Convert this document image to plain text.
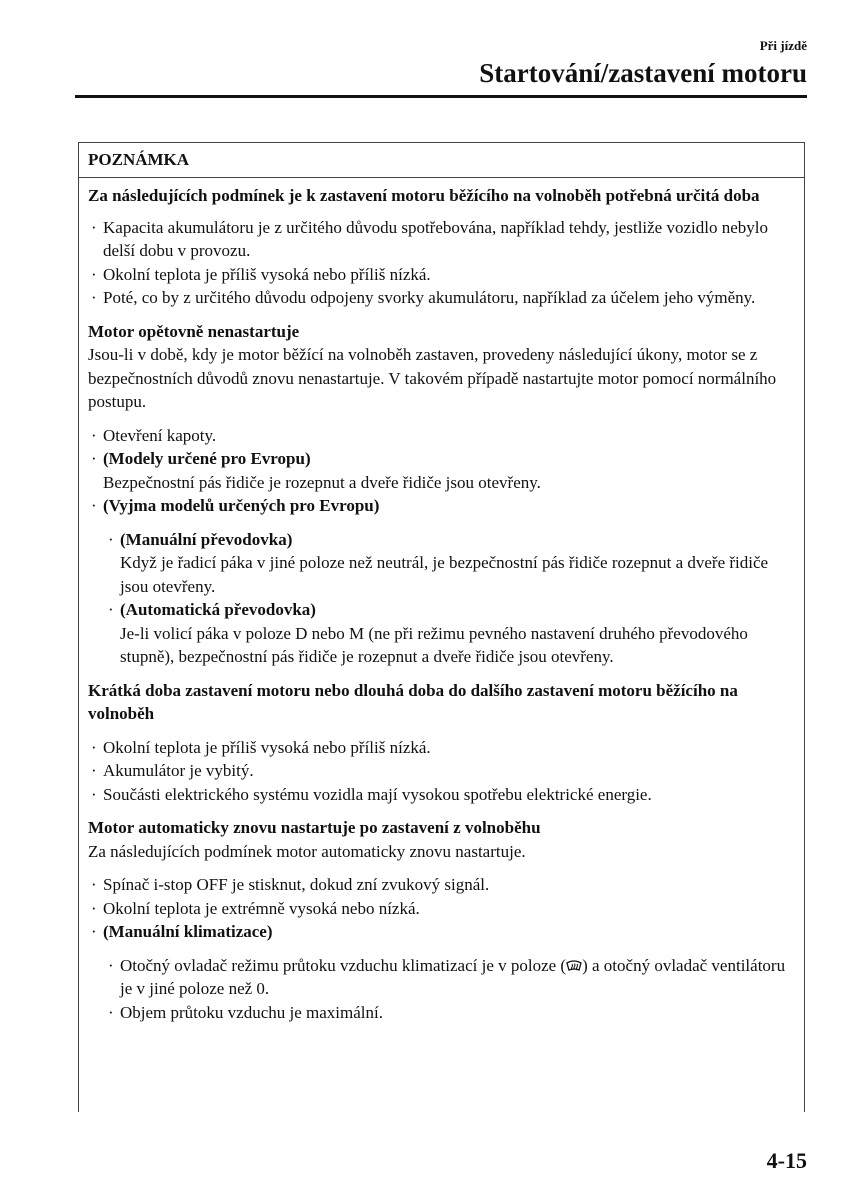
Při jízdě
Startování/zastavení motoru
POZNÁMKA
Za následujících podmínek je k zastavení motoru běžícího na volnoběh potřebná určitá doba
· Kapacita akumulátoru je z určitého důvodu spotřebována, například tehdy, jestliže vozidlo nebylo delší dobu v provozu.
· Okolní teplota je příliš vysoká nebo příliš nízká.
· Poté, co by z určitého důvodu odpojeny svorky akumulátoru, například za účelem jeho výměny.
Motor opětovně nenastartuje
Jsou-li v době, kdy je motor běžící na volnoběh zastaven, provedeny následující úkony, motor se z bezpečnostních důvodů znovu nenastartuje. V takovém případě nastartujte motor pomocí normálního postupu.
· Otevření kapoty.
· (Modely určené pro Evropu)
Bezpečnostní pás řidiče je rozepnut a dveře řidiče jsou otevřeny.
· (Vyjma modelů určených pro Evropu)
· (Manuální převodovka)
Když je řadicí páka v jiné poloze než neutrál, je bezpečnostní pás řidiče rozepnut a dveře řidiče jsou otevřeny.
· (Automatická převodovka)
Je-li volicí páka v poloze D nebo M (ne při režimu pevného nastavení druhého převodového stupně), bezpečnostní pás řidiče je rozepnut a dveře řidiče jsou otevřeny.
Krátká doba zastavení motoru nebo dlouhá doba do dalšího zastavení motoru běžícího na volnoběh
· Okolní teplota je příliš vysoká nebo příliš nízká.
· Akumulátor je vybitý.
· Součásti elektrického systému vozidla mají vysokou spotřebu elektrické energie.
Motor automaticky znovu nastartuje po zastavení z volnoběhu
Za následujících podmínek motor automaticky znovu nastartuje.
· Spínač i-stop OFF je stisknut, dokud zní zvukový signál.
· Okolní teplota je extrémně vysoká nebo nízká.
· (Manuální klimatizace)
· Otočný ovladač režimu průtoku vzduchu klimatizací je v poloze ( ) a otočný ovladač ventilátoru je v jiné poloze než 0.
· Objem průtoku vzduchu je maximální.
4-15
